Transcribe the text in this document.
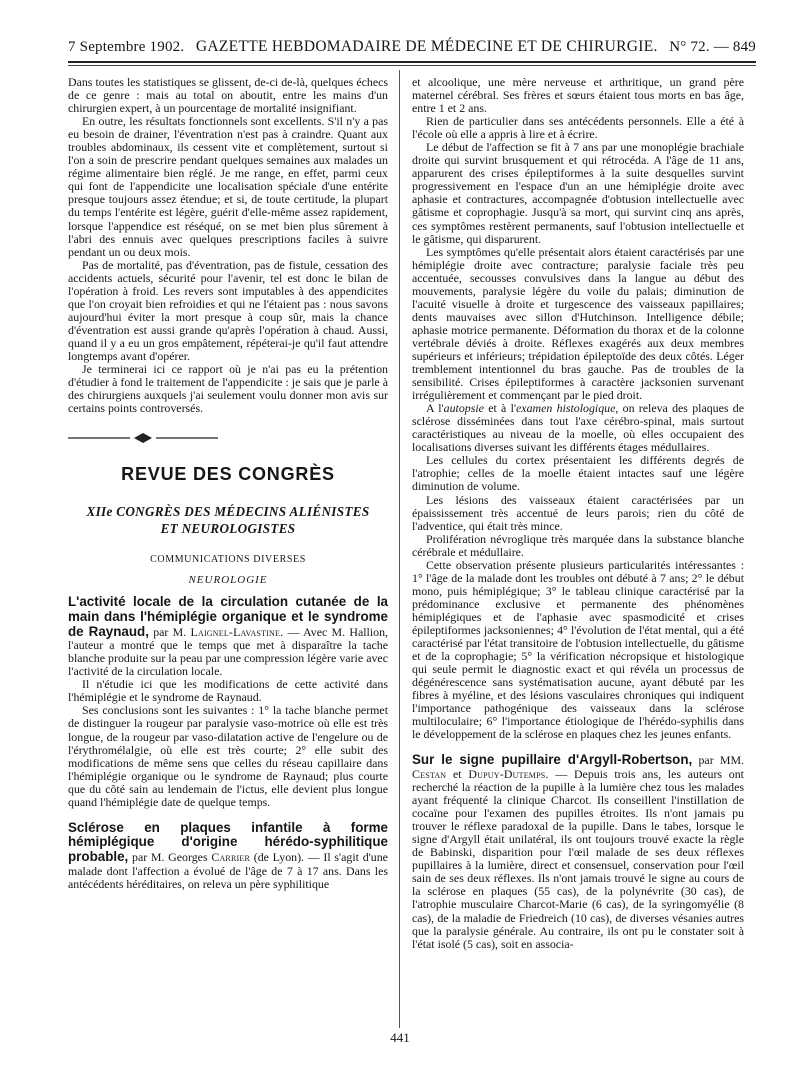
7 Septembre 1902. GAZETTE HEBDOMADAIRE DE MÉDECINE ET DE CHIRURGIE. N° 72. — 849

Dans toutes les statistiques se glissent, de-ci de-là, quelques échecs de ce genre : mais au total on aboutit, entre les mains d'un chirurgien expert, à un pourcentage de mortalité insignifiant.

En outre, les résultats fonctionnels sont excellents. S'il n'y a pas eu besoin de drainer, l'éventration n'est pas à craindre. Quant aux troubles abdominaux, ils cessent vite et complètement, surtout si l'on a soin de prescrire pendant quelques semaines aux malades un régime alimentaire bien réglé. Je me range, en effet, parmi ceux qui font de l'appendicite une localisation spéciale d'une entérite presque toujours assez étendue; et si, de toute certitude, la plupart du temps l'entérite est légère, guérit d'elle-même assez rapidement, lorsque l'appendice est réséqué, on se met bien plus sûrement à l'abri des ennuis avec quelques prescriptions faciles à suivre pendant un ou deux mois.

Pas de mortalité, pas d'éventration, pas de fistule, cessation des accidents actuels, sécurité pour l'avenir, tel est donc le bilan de l'opération à froid. Les revers sont imputables à des appendicites que l'on croyait bien refroidies et qui ne l'étaient pas : nous savons aujourd'hui éviter la mort presque à coup sûr, mais la chance d'éventration est aussi grande qu'après l'opération à chaud. Aussi, quand il y a eu un gros empâtement, répéterai-je qu'il faut attendre longtemps avant d'opérer.

Je terminerai ici ce rapport où je n'ai pas eu la prétention d'étudier à fond le traitement de l'appendicite : je sais que je parle à des chirurgiens auxquels j'ai seulement voulu donner mon avis sur certains points controversés.

REVUE DES CONGRÈS
XIIe CONGRÈS DES MÉDECINS ALIÉNISTES
ET NEUROLOGISTES
COMMUNICATIONS DIVERSES
NEUROLOGIE

L'activité locale de la circulation cutanée de la main dans l'hémiplégie organique et le syndrome de Raynaud, par M. Laignel-Lavastine. — Avec M. Hallion, l'auteur a montré que le temps que met à disparaître la tache blanche produite sur la peau par une compression légère varie avec l'activité de la circulation locale.

Il n'étudie ici que les modifications de cette activité dans l'hémiplégie et le syndrome de Raynaud.

Ses conclusions sont les suivantes : 1° la tache blanche permet de distinguer la rougeur par paralysie vaso-motrice où elle est très longue, de la rougeur par vaso-dilatation active de l'engelure ou de l'érythromélalgie, où elle est très courte; 2° elle subit des modifications de même sens que celles du réseau capillaire dans l'hémiplégie organique ou le syndrome de Raynaud; plus courte que du côté sain au lendemain de l'ictus, elle devient plus longue quand l'hémiplégie date de quelque temps.

Sclérose en plaques infantile à forme hémiplégique d'origine hérédo-syphilitique probable, par M. Georges Carrier (de Lyon). — Il s'agit d'une malade dont l'affection a évolué de l'âge de 7 à 17 ans. Dans les antécédents héréditaires, on releva un père syphilitique

et alcoolique, une mère nerveuse et arthritique, un grand père maternel cérébral. Ses frères et sœurs étaient tous morts en bas âge, entre 1 et 2 ans.

Rien de particulier dans ses antécédents personnels. Elle a été à l'école où elle a appris à lire et à écrire.

Le début de l'affection se fit à 7 ans par une monoplégie brachiale droite qui survint brusquement et qui rétrocéda. A l'âge de 11 ans, apparurent des crises épileptiformes à la suite desquelles survint progressivement en l'espace d'un an une hémiplégie droite avec aphasie et contractures, accompagnée d'obtusion intellectuelle avec gâtisme et coprophagie. Jusqu'à sa mort, qui survint cinq ans après, ces symptômes restèrent permanents, sauf l'obtusion intellectuelle et le gâtisme, qui disparurent.

Les symptômes qu'elle présentait alors étaient caractérisés par une hémiplégie droite avec contracture; paralysie faciale très peu accentuée, secousses convulsives dans la langue au début des mouvements, paralysie légère du voile du palais; diminution de l'acuité visuelle à droite et turgescence des vaisseaux papillaires; dents mauvaises avec sillon d'Hutchinson. Intelligence débile; aphasie motrice permanente. Déformation du thorax et de la colonne vertébrale déviés à droite. Réflexes exagérés aux deux membres supérieurs et inférieurs; trépidation épileptoïde des deux côtés. Léger tremblement intentionnel du bras gauche. Pas de troubles de la sensibilité. Crises épileptiformes à caractère jacksonien survenant irrégulièrement et commençant par le pied droit.

A l'autopsie et à l'examen histologique, on releva des plaques de sclérose disséminées dans tout l'axe cérébro-spinal, mais surtout caractéristiques au niveau de la moelle, où elles occupaient des localisations diverses suivant les différents étages médullaires.

Les cellules du cortex présentaient les différents degrés de l'atrophie; celles de la moelle étaient intactes sauf une légère diminution de volume.

Les lésions des vaisseaux étaient caractérisées par un épaississement très accentué de leurs parois; rien du côté de l'adventice, qui était très mince.

Prolifération névroglique très marquée dans la substance blanche cérébrale et médullaire.

Cette observation présente plusieurs particularités intéressantes : 1° l'âge de la malade dont les troubles ont débuté à 7 ans; 2° le début mono, puis hémiplégique; 3° le tableau clinique caractérisé par la prédominance exclusive et permanente des phénomènes hémiplégiques et de l'aphasie avec spasmodicité et crises épileptiformes jacksoniennes; 4° l'évolution de l'état mental, qui a été caractérisé par l'état transitoire de l'obtusion intellectuelle, du gâtisme et de la coprophagie; 5° la vérification nécropsique et histologique qui seule permit le diagnostic exact et qui révéla un processus de dégénérescence sans systématisation aucune, ayant débuté par les fibres à myéline, et des lésions vasculaires chroniques qui indiquent l'importance pathogénique des vaisseaux dans la sclérose multiloculaire; 6° l'importance étiologique de l'hérédo-syphilis dans le développement de la sclérose en plaques chez les jeunes enfants.

Sur le signe pupillaire d'Argyll-Robertson, par MM. Cestan et Dupuy-Dutemps. — Depuis trois ans, les auteurs ont recherché la réaction de la pupille à la lumière chez tous les malades ayant fréquenté la clinique Charcot. Ils conseillent l'instillation de cocaïne pour l'examen des pupilles étroites. Ils n'ont jamais pu trouver le réflexe paradoxal de la pupille. Dans le tabes, lorsque le signe d'Argyll était unilatéral, ils ont toujours trouvé exacte la règle de Babinski, disparition pour l'œil malade de ses deux réflexes pupillaires à la lumière, direct et consensuel, conservation pour l'œil sain de ses deux réflexes. Ils n'ont jamais trouvé le signe au cours de la sclérose en plaques (55 cas), de la polynévrite (30 cas), de l'atrophie musculaire Charcot-Marie (6 cas), de la syringomyélie (8 cas), de la maladie de Friedreich (10 cas), de diverses vésanies autres que la paralysie générale. Au contraire, ils ont pu le constater soit à l'état isolé (5 cas), soit en associa-

441
